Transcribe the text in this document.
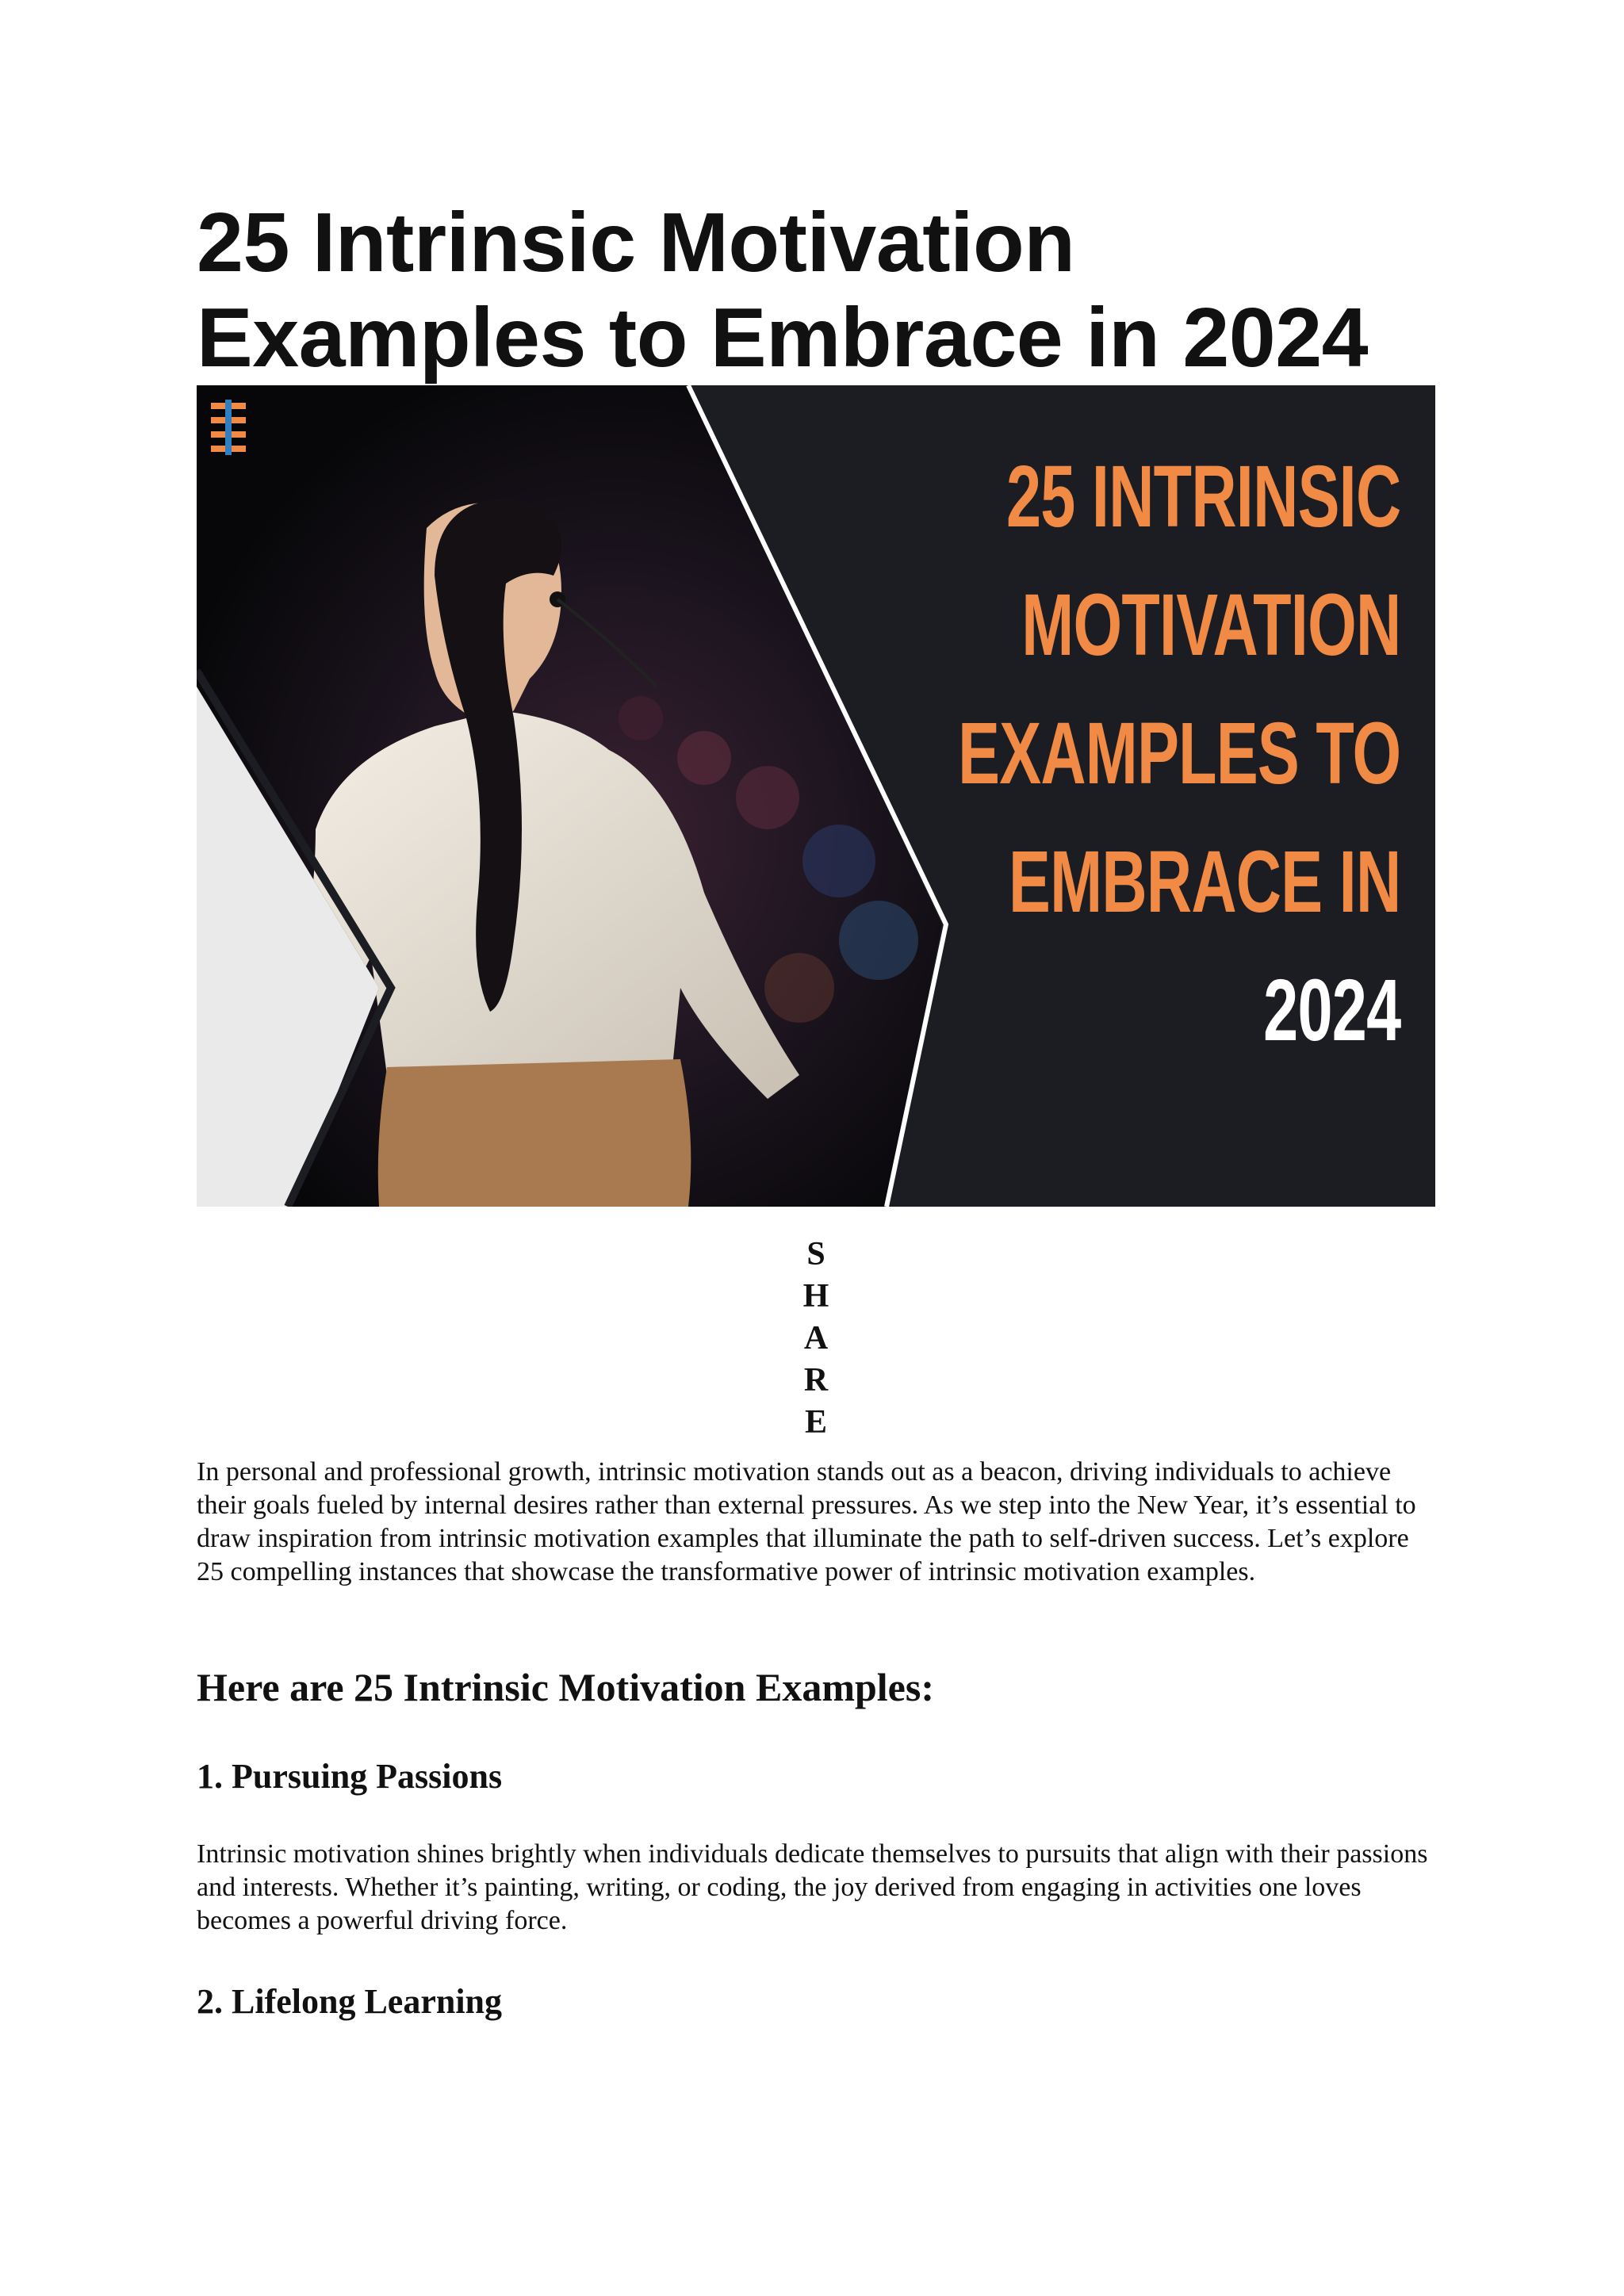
25 Intrinsic Motivation
Examples to Embrace in 2024
25 INTRINSIC
MOTIVATION
EXAMPLES TO
EMBRACE IN
2024
S
H
A
R
E

In personal and professional growth, intrinsic motivation stands out as a beacon, driving individuals to achieve their goals fueled by internal desires rather than external pressures. As we step into the New Year, it’s essential to draw inspiration from intrinsic motivation examples that illuminate the path to self-driven success. Let’s explore 25 compelling instances that showcase the transformative power of intrinsic motivation examples.

Here are 25 Intrinsic Motivation Examples:
1. Pursuing Passions

Intrinsic motivation shines brightly when individuals dedicate themselves to pursuits that align with their passions and interests. Whether it’s painting, writing, or coding, the joy derived from engaging in activities one loves becomes a powerful driving force.

2. Lifelong Learning
